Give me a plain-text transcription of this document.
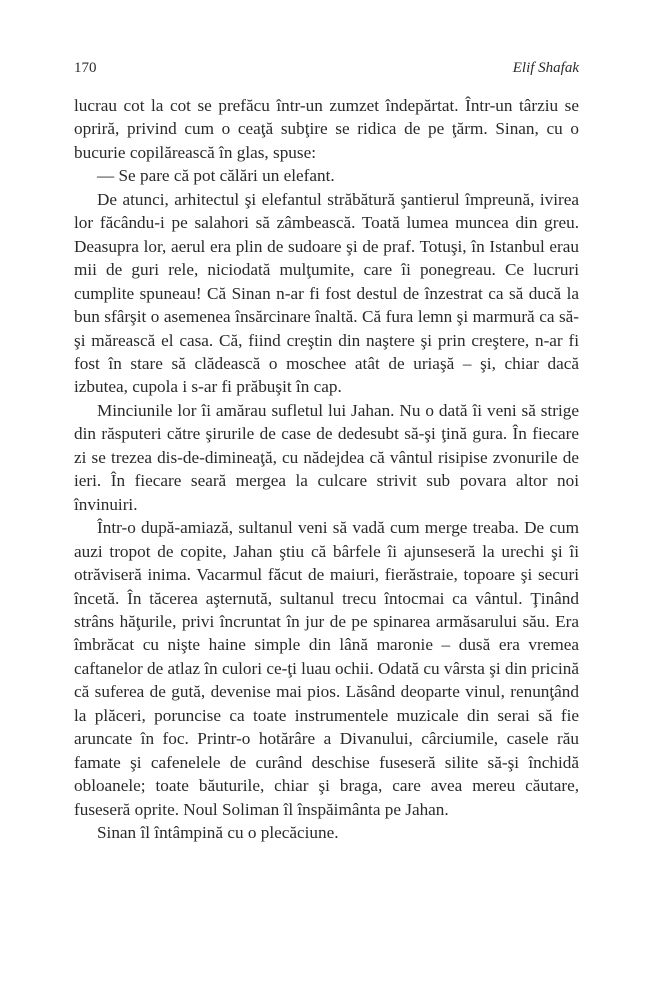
170	Elif Shafak

lucrau cot la cot se prefăcu într-un zumzet îndepărtat. Într-un târziu se opriră, privind cum o ceaţă subţire se ridica de pe ţărm. Sinan, cu o bucurie copilărească în glas, spuse:

— Se pare că pot călări un elefant.

De atunci, arhitectul şi elefantul străbătură şantierul împreună, ivirea lor făcându-i pe salahori să zâmbească. Toată lumea muncea din greu. Deasupra lor, aerul era plin de sudoare şi de praf. Totuşi, în Istanbul erau mii de guri rele, niciodată mulţumite, care îi ponegreau. Ce lucruri cumplite spuneau! Că Sinan n-ar fi fost destul de înzestrat ca să ducă la bun sfârşit o asemenea însărcinare înaltă. Că fura lemn şi marmură ca să-şi mărească el casa. Că, fiind creştin din naştere şi prin creştere, n-ar fi fost în stare să clădească o moschee atât de uriaşă – şi, chiar dacă izbutea, cupola i s-ar fi prăbuşit în cap.

Minciunile lor îi amărau sufletul lui Jahan. Nu o dată îi veni să strige din răsputeri către şirurile de case de dedesubt să-şi ţină gura. În fiecare zi se trezea dis-de-dimineaţă, cu nădejdea că vântul risipise zvonurile de ieri. În fiecare seară mergea la culcare strivit sub povara altor noi învinuiri.

Într-o după-amiază, sultanul veni să vadă cum merge treaba. De cum auzi tropot de copite, Jahan ştiu că bârfele îi ajunseseră la urechi şi îi otrăviseră inima. Vacarmul făcut de maiuri, fierăstraie, topoare şi securi încetă. În tăcerea aşternută, sultanul trecu întocmai ca vântul. Ţinând strâns hăţurile, privi încruntat în jur de pe spinarea armăsarului său. Era îmbrăcat cu nişte haine simple din lână maronie – dusă era vremea caftanelor de atlaz în culori ce-ţi luau ochii. Odată cu vârsta şi din pricină că suferea de gută, devenise mai pios. Lăsând deoparte vinul, renunţând la plăceri, poruncise ca toate instrumentele muzicale din serai să fie aruncate în foc. Printr-o hotărâre a Divanului, cârciumile, casele rău famate şi cafenelele de curând deschise fuseseră silite să-şi închidă obloanele; toate băuturile, chiar şi braga, care avea mereu căutare, fuseseră oprite. Noul Soliman îl înspăimânta pe Jahan.

Sinan îl întâmpină cu o plecăciune.
